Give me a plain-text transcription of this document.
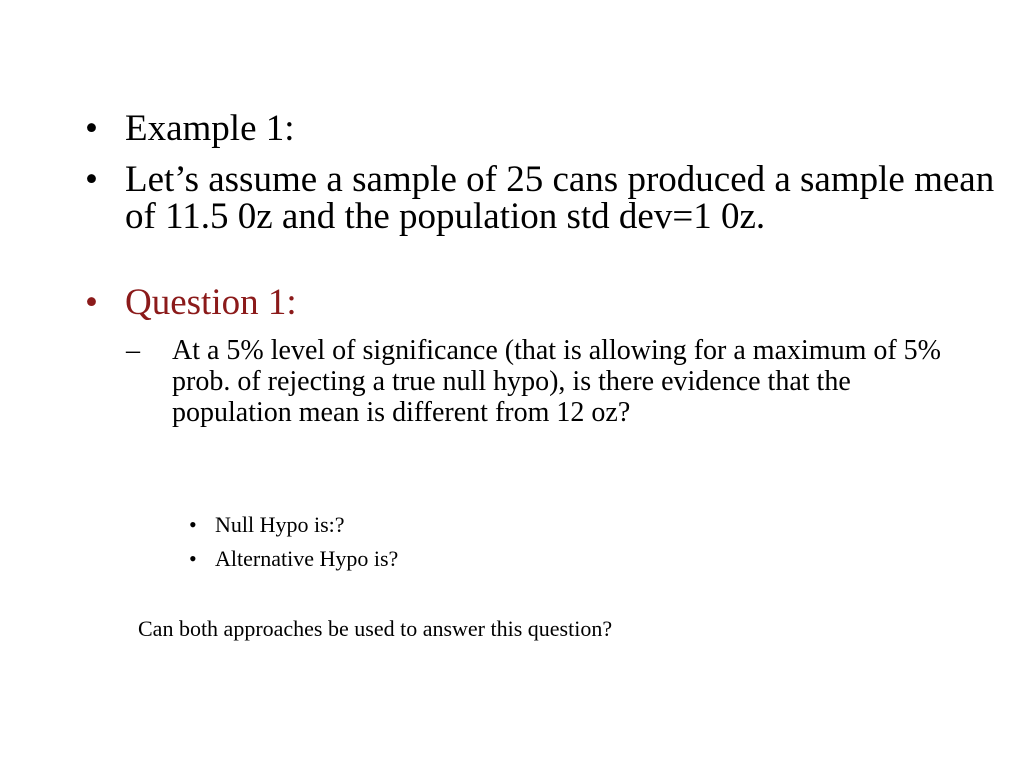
• Example 1:
• Let’s assume a sample of 25 cans produced a sample mean of 11.5 0z and the population std dev=1 0z.
• Question 1:
– At a 5% level of significance (that is allowing for a maximum of 5% prob. of rejecting a true null hypo), is there evidence that the population mean is different from 12 oz?
• Null Hypo is:?
• Alternative Hypo is?
Can both approaches be used to answer this question?
